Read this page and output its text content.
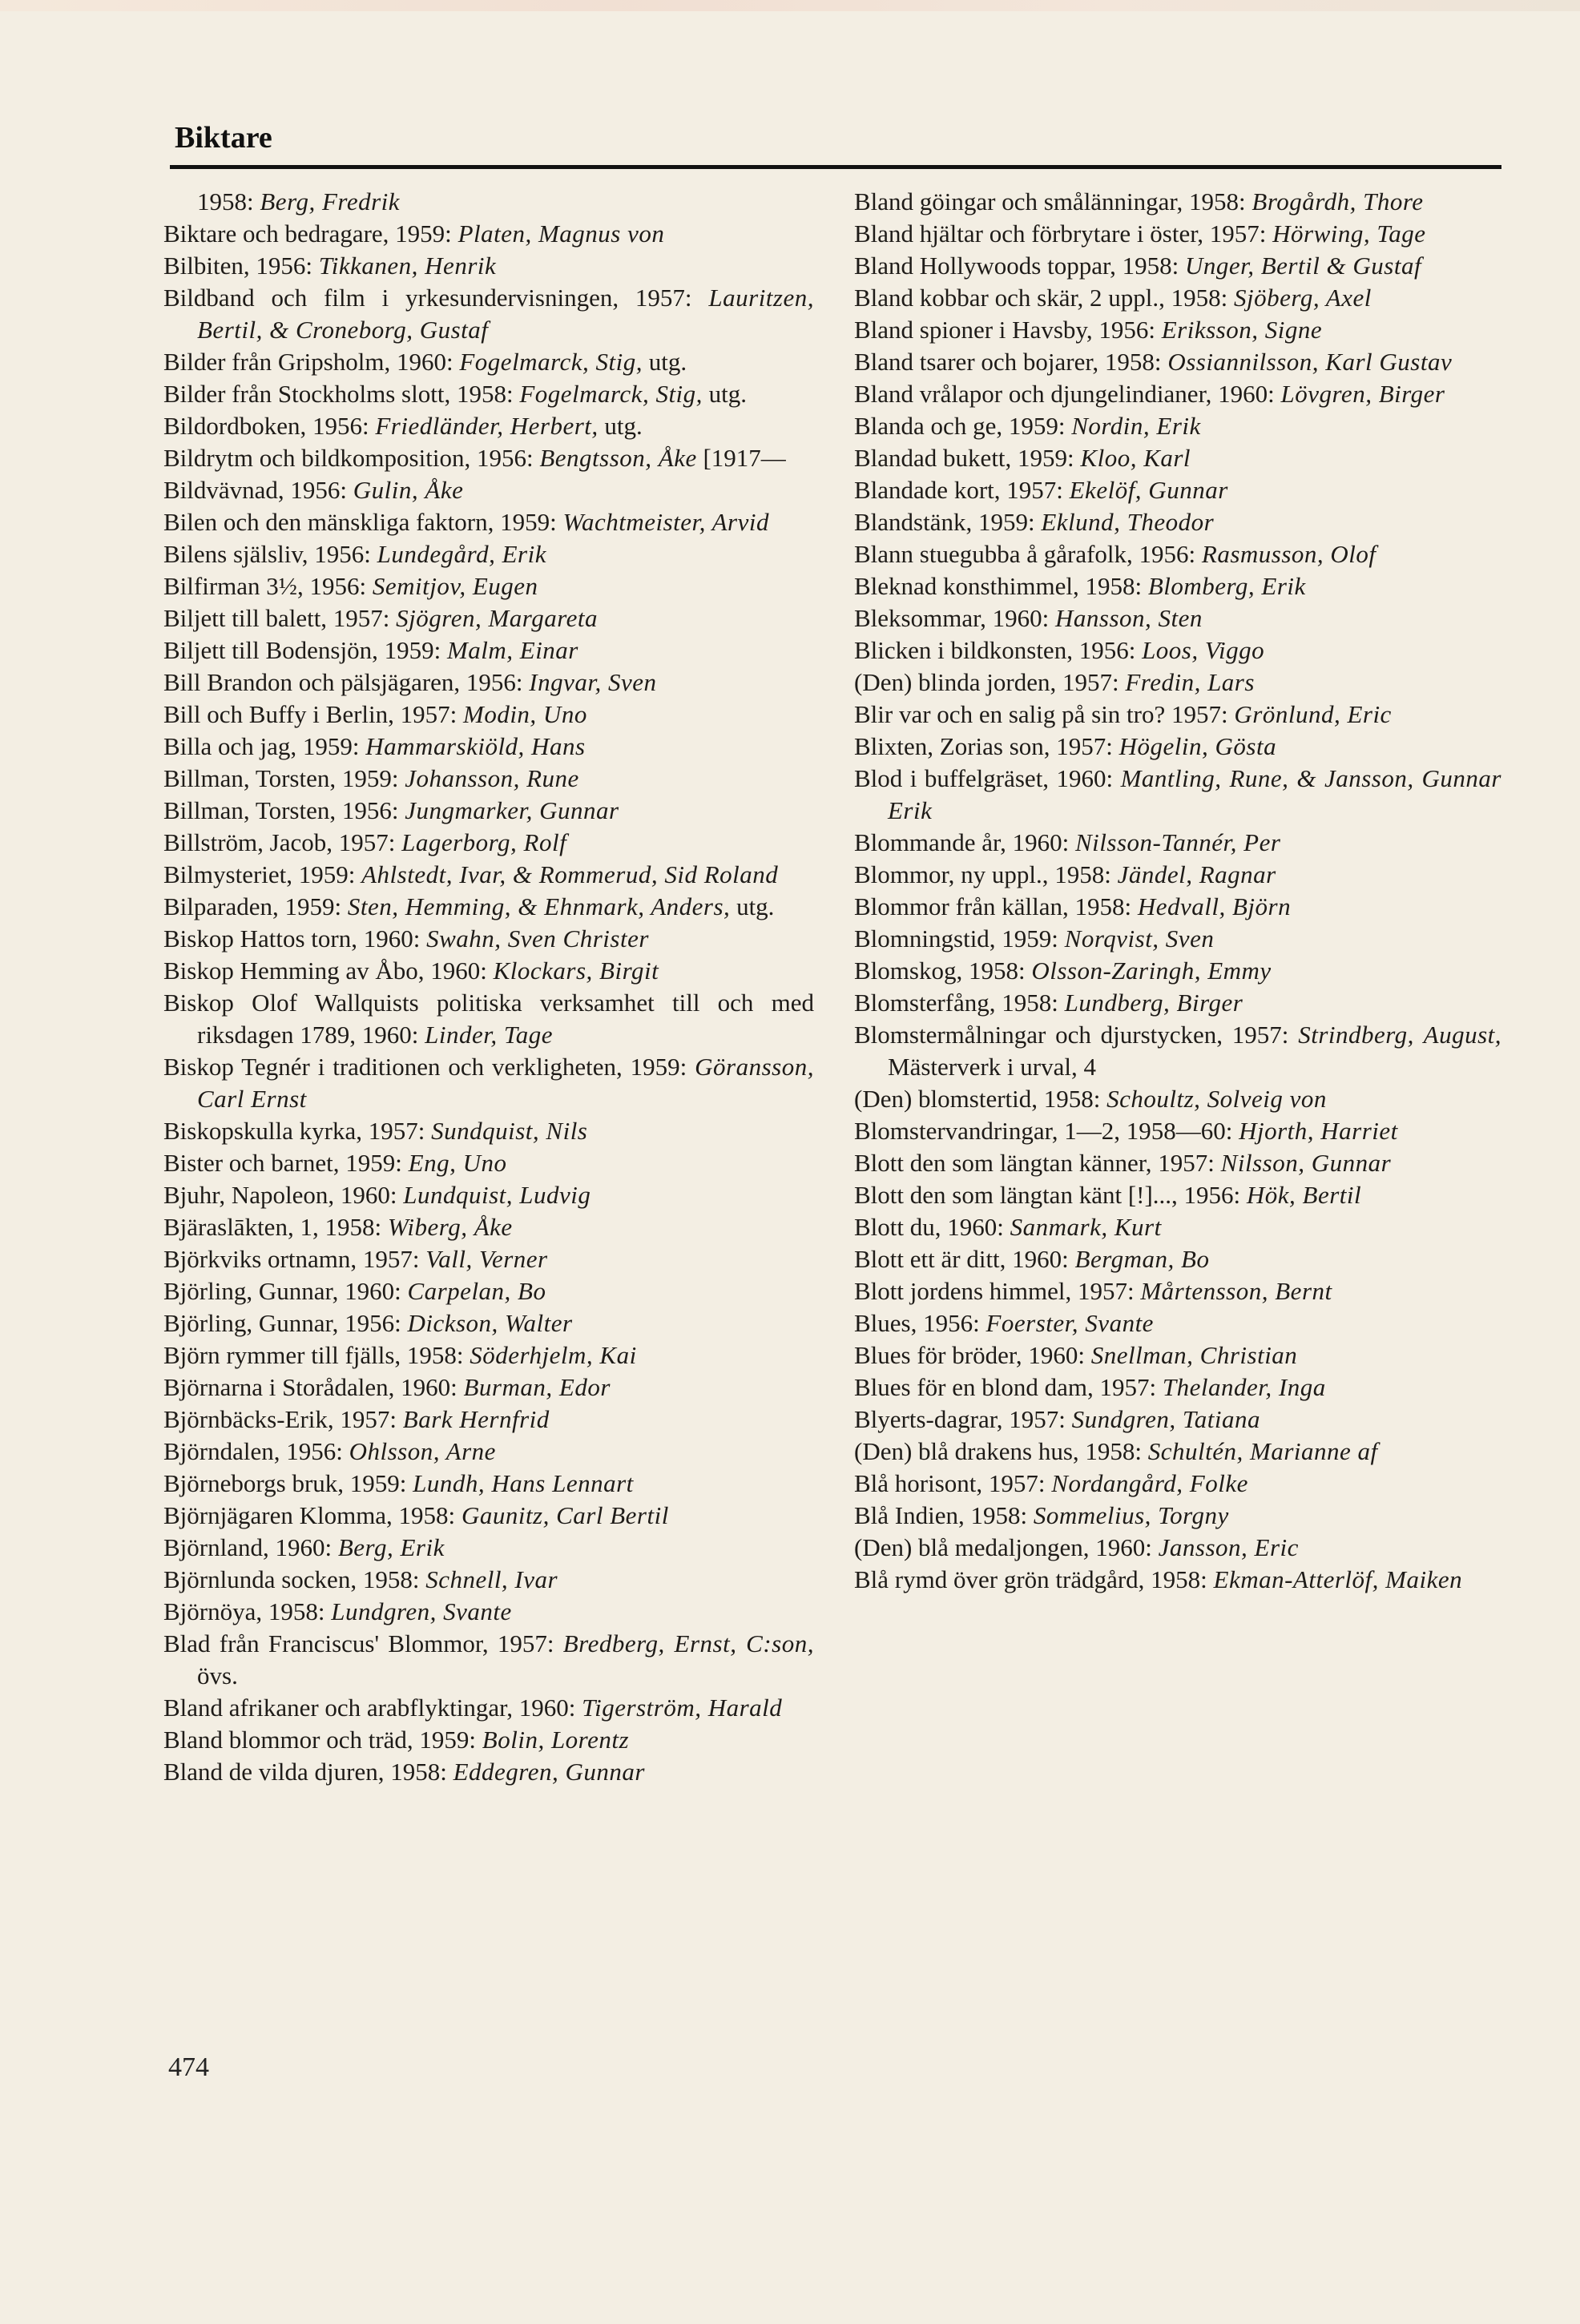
Biktare

1958: Berg, Fredrik

Biktare och bedragare, 1959: Platen, Magnus von

Bilbiten, 1956: Tikkanen, Henrik

Bildband och film i yrkesundervisningen, 1957: Lauritzen, Bertil, & Croneborg, Gustaf

Bilder från Gripsholm, 1960: Fogelmarck, Stig, utg.

Bilder från Stockholms slott, 1958: Fogelmarck, Stig, utg.

Bildordboken, 1956: Friedländer, Herbert, utg.

Bildrytm och bildkomposition, 1956: Bengtsson, Åke [1917—

Bildvävnad, 1956: Gulin, Åke

Bilen och den mänskliga faktorn, 1959: Wachtmeister, Arvid

Bilens själsliv, 1956: Lundegård, Erik

Bilfirman 3½, 1956: Semitjov, Eugen

Biljett till balett, 1957: Sjögren, Margareta

Biljett till Bodensjön, 1959: Malm, Einar

Bill Brandon och pälsjägaren, 1956: Ingvar, Sven

Bill och Buffy i Berlin, 1957: Modin, Uno

Billa och jag, 1959: Hammarskiöld, Hans

Billman, Torsten, 1959: Johansson, Rune

Billman, Torsten, 1956: Jungmarker, Gunnar

Billström, Jacob, 1957: Lagerborg, Rolf

Bilmysteriet, 1959: Ahlstedt, Ivar, & Rommerud, Sid Roland

Bilparaden, 1959: Sten, Hemming, & Ehnmark, Anders, utg.

Biskop Hattos torn, 1960: Swahn, Sven Christer

Biskop Hemming av Åbo, 1960: Klockars, Birgit

Biskop Olof Wallquists politiska verksamhet till och med riksdagen 1789, 1960: Linder, Tage

Biskop Tegnér i traditionen och verkligheten, 1959: Göransson, Carl Ernst

Biskopskulla kyrka, 1957: Sundquist, Nils

Bister och barnet, 1959: Eng, Uno

Bjuhr, Napoleon, 1960: Lundquist, Ludvig

Bjäraslākten, 1, 1958: Wiberg, Åke

Björkviks ortnamn, 1957: Vall, Verner

Björling, Gunnar, 1960: Carpelan, Bo

Björling, Gunnar, 1956: Dickson, Walter

Björn rymmer till fjälls, 1958: Söderhjelm, Kai

Björnarna i Storådalen, 1960: Burman, Edor

Björnbäcks-Erik, 1957: Bark Hernfrid

Björndalen, 1956: Ohlsson, Arne

Björneborgs bruk, 1959: Lundh, Hans Lennart

Björnjägaren Klomma, 1958: Gaunitz, Carl Bertil

Björnland, 1960: Berg, Erik

Björnlunda socken, 1958: Schnell, Ivar

Björnöya, 1958: Lundgren, Svante

Blad från Franciscus' Blommor, 1957: Bredberg, Ernst, C:son, övs.

Bland afrikaner och arabflyktingar, 1960: Tigerström, Harald

Bland blommor och träd, 1959: Bolin, Lorentz

Bland de vilda djuren, 1958: Eddegren, Gunnar

Bland göingar och smålänningar, 1958: Brogårdh, Thore

Bland hjältar och förbrytare i öster, 1957: Hörwing, Tage

Bland Hollywoods toppar, 1958: Unger, Bertil & Gustaf

Bland kobbar och skär, 2 uppl., 1958: Sjöberg, Axel

Bland spioner i Havsby, 1956: Eriksson, Signe

Bland tsarer och bojarer, 1958: Ossiannilsson, Karl Gustav

Bland vrålapor och djungelindianer, 1960: Lövgren, Birger

Blanda och ge, 1959: Nordin, Erik

Blandad bukett, 1959: Kloo, Karl

Blandade kort, 1957: Ekelöf, Gunnar

Blandstänk, 1959: Eklund, Theodor

Blann stuegubba å gårafolk, 1956: Rasmusson, Olof

Bleknad konsthimmel, 1958: Blomberg, Erik

Bleksommar, 1960: Hansson, Sten

Blicken i bildkonsten, 1956: Loos, Viggo

(Den) blinda jorden, 1957: Fredin, Lars

Blir var och en salig på sin tro? 1957: Grönlund, Eric

Blixten, Zorias son, 1957: Högelin, Gösta

Blod i buffelgräset, 1960: Mantling, Rune, & Jansson, Gunnar Erik

Blommande år, 1960: Nilsson-Tannér, Per

Blommor, ny uppl., 1958: Jändel, Ragnar

Blommor från källan, 1958: Hedvall, Björn

Blomningstid, 1959: Norqvist, Sven

Blomskog, 1958: Olsson-Zaringh, Emmy

Blomsterfång, 1958: Lundberg, Birger

Blomstermålningar och djurstycken, 1957: Strindberg, August, Mästerverk i urval, 4

(Den) blomstertid, 1958: Schoultz, Solveig von

Blomstervandringar, 1—2, 1958—60: Hjorth, Harriet

Blott den som längtan känner, 1957: Nilsson, Gunnar

Blott den som längtan känt [!]..., 1956: Hök, Bertil

Blott du, 1960: Sanmark, Kurt

Blott ett är ditt, 1960: Bergman, Bo

Blott jordens himmel, 1957: Mårtensson, Bernt

Blues, 1956: Foerster, Svante

Blues för bröder, 1960: Snellman, Christian

Blues för en blond dam, 1957: Thelander, Inga

Blyerts-dagrar, 1957: Sundgren, Tatiana

(Den) blå drakens hus, 1958: Schultén, Marianne af

Blå horisont, 1957: Nordangård, Folke

Blå Indien, 1958: Sommelius, Torgny

(Den) blå medaljongen, 1960: Jansson, Eric

Blå rymd över grön trädgård, 1958: Ekman-Atterlöf, Maiken

474
